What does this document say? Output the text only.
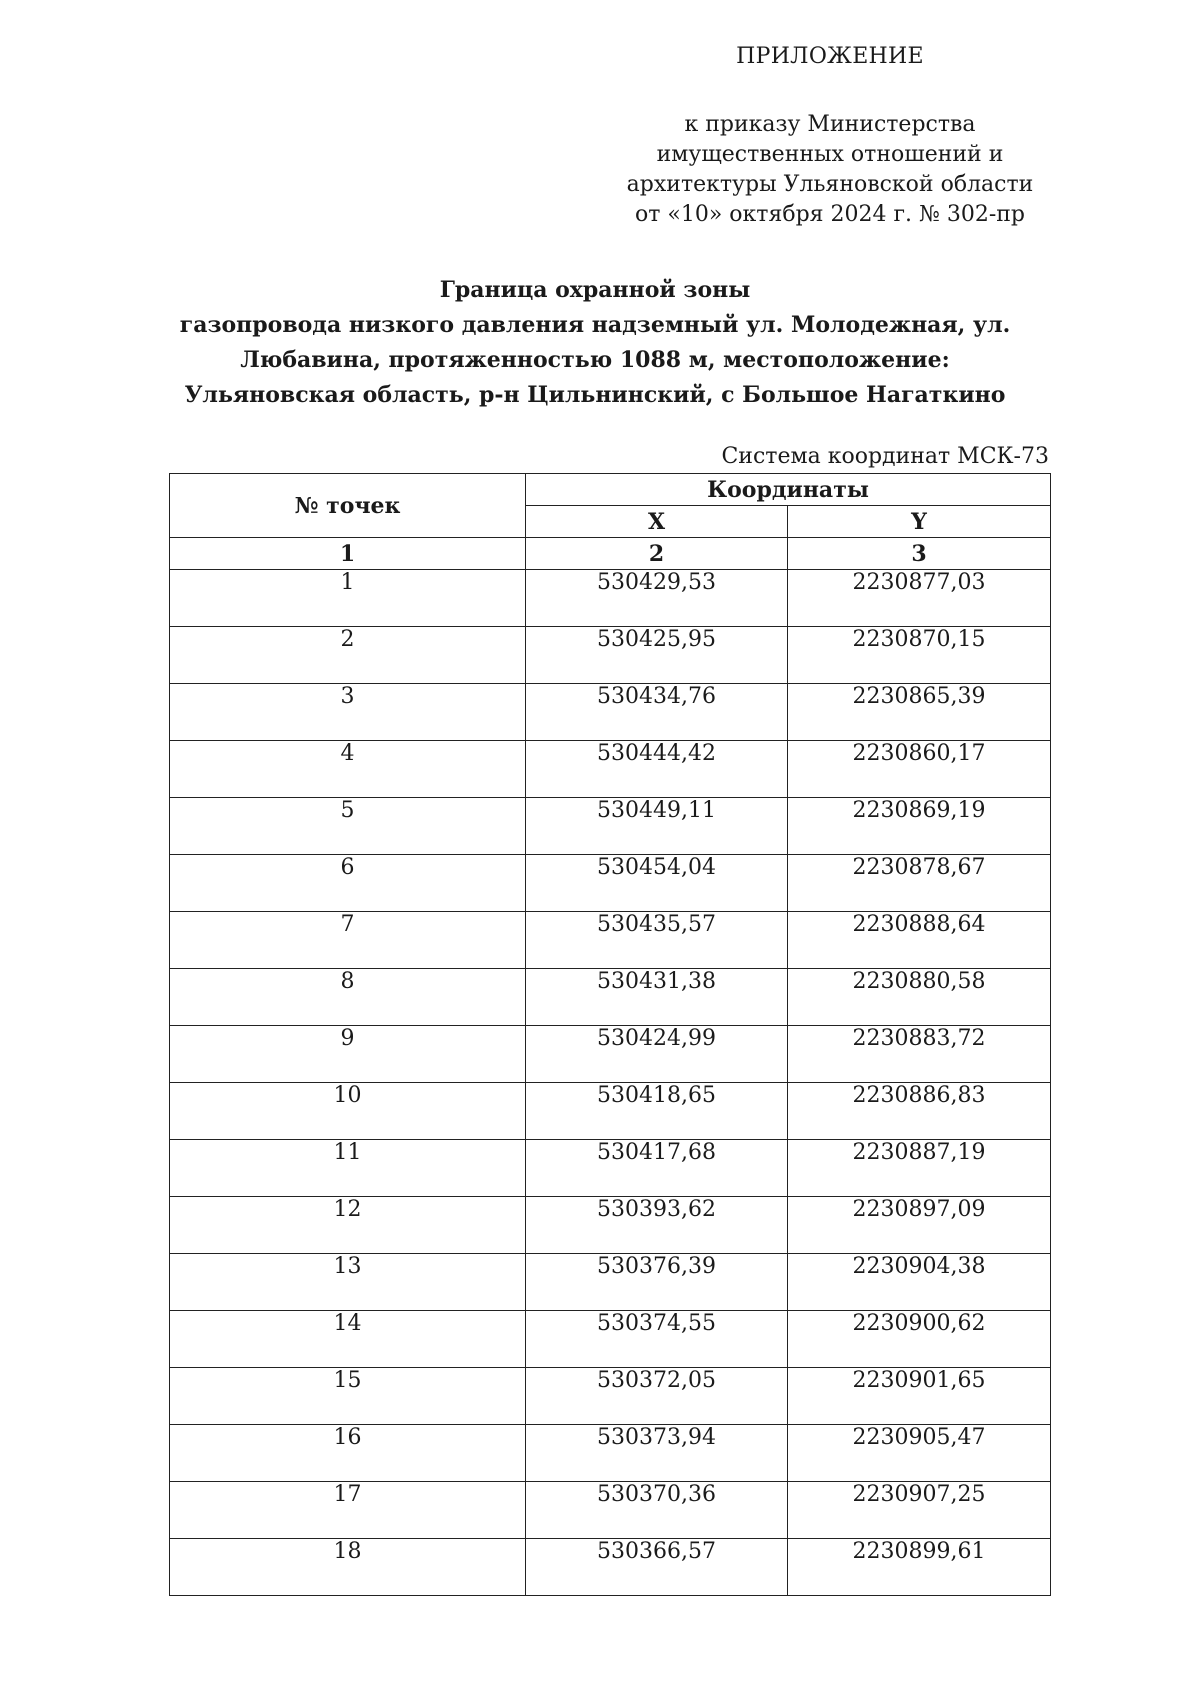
ПРИЛОЖЕНИЕ
к приказу Министерства
имущественных отношений и
архитектуры Ульяновской области
от «10» октября 2024 г. № 302-пр
Граница охранной зоны
газопровода низкого давления надземный ул. Молодежная, ул.
Любавина, протяженностью 1088 м, местоположение:
Ульяновская область, р-н Цильнинский, с Большое Нагаткино
Система координат МСК-73
№ точек	Координаты	
	X	Y
1	2	3
1	530429,53	2230877,03
2	530425,95	2230870,15
3	530434,76	2230865,39
4	530444,42	2230860,17
5	530449,11	2230869,19
6	530454,04	2230878,67
7	530435,57	2230888,64
8	530431,38	2230880,58
9	530424,99	2230883,72
10	530418,65	2230886,83
11	530417,68	2230887,19
12	530393,62	2230897,09
13	530376,39	2230904,38
14	530374,55	2230900,62
15	530372,05	2230901,65
16	530373,94	2230905,47
17	530370,36	2230907,25
18	530366,57	2230899,61
